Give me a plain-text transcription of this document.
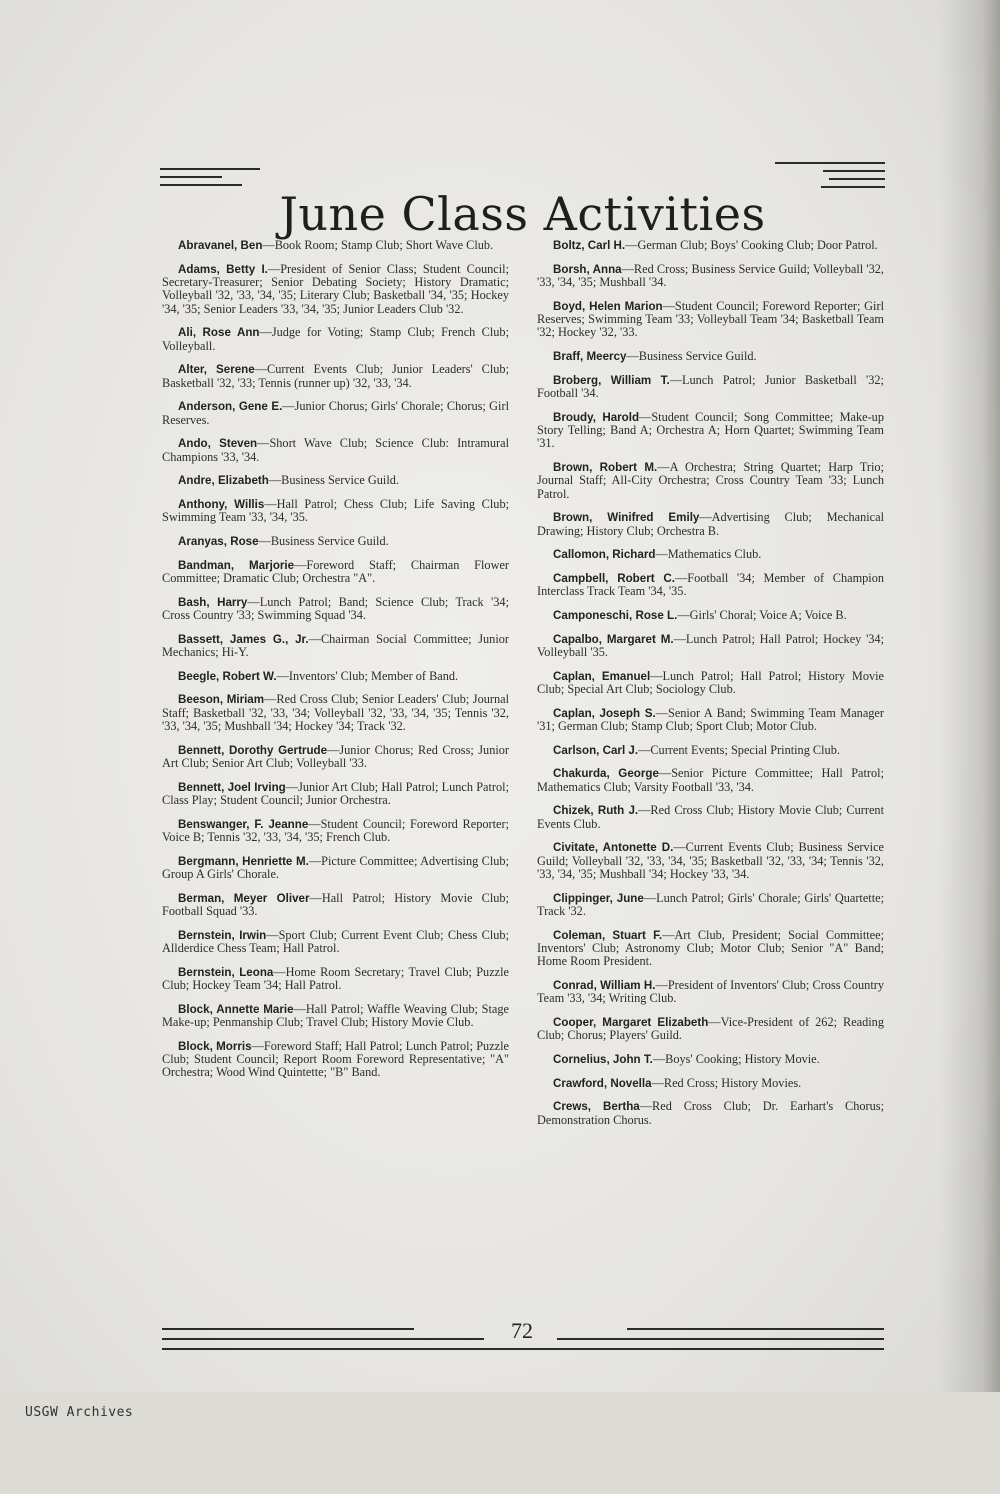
June Class Activities

Abravanel, Ben—Book Room; Stamp Club; Short Wave Club.

Adams, Betty I.—President of Senior Class; Student Council; Secretary-Treasurer; Senior Debating Society; History Dramatic; Volleyball '32, '33, '34, '35; Literary Club; Basketball '34, '35; Hockey '34, '35; Senior Leaders '33, '34, '35; Junior Leaders Club '32.

Ali, Rose Ann—Judge for Voting; Stamp Club; French Club; Volleyball.

Alter, Serene—Current Events Club; Junior Leaders' Club; Basketball '32, '33; Tennis (runner up) '32, '33, '34.

Anderson, Gene E.—Junior Chorus; Girls' Chorale; Chorus; Girl Reserves.

Ando, Steven—Short Wave Club; Science Club: Intramural Champions '33, '34.

Andre, Elizabeth—Business Service Guild.

Anthony, Willis—Hall Patrol; Chess Club; Life Saving Club; Swimming Team '33, '34, '35.

Aranyas, Rose—Business Service Guild.

Bandman, Marjorie—Foreword Staff; Chairman Flower Committee; Dramatic Club; Orchestra "A".

Bash, Harry—Lunch Patrol; Band; Science Club; Track '34; Cross Country '33; Swimming Squad '34.

Bassett, James G., Jr.—Chairman Social Committee; Junior Mechanics; Hi-Y.

Beegle, Robert W.—Inventors' Club; Member of Band.

Beeson, Miriam—Red Cross Club; Senior Leaders' Club; Journal Staff; Basketball '32, '33, '34; Volleyball '32, '33, '34, '35; Tennis '32, '33, '34, '35; Mushball '34; Hockey '34; Track '32.

Bennett, Dorothy Gertrude—Junior Chorus; Red Cross; Junior Art Club; Senior Art Club; Volleyball '33.

Bennett, Joel Irving—Junior Art Club; Hall Patrol; Lunch Patrol; Class Play; Student Council; Junior Orchestra.

Benswanger, F. Jeanne—Student Council; Foreword Reporter; Voice B; Tennis '32, '33, '34, '35; French Club.

Bergmann, Henriette M.—Picture Committee; Advertising Club; Group A Girls' Chorale.

Berman, Meyer Oliver—Hall Patrol; History Movie Club; Football Squad '33.

Bernstein, Irwin—Sport Club; Current Event Club; Chess Club; Allderdice Chess Team; Hall Patrol.

Bernstein, Leona—Home Room Secretary; Travel Club; Puzzle Club; Hockey Team '34; Hall Patrol.

Block, Annette Marie—Hall Patrol; Waffle Weaving Club; Stage Make-up; Penmanship Club; Travel Club; History Movie Club.

Block, Morris—Foreword Staff; Hall Patrol; Lunch Patrol; Puzzle Club; Student Council; Report Room Foreword Representative; "A" Orchestra; Wood Wind Quintette; "B" Band.

Boltz, Carl H.—German Club; Boys' Cooking Club; Door Patrol.

Borsh, Anna—Red Cross; Business Service Guild; Volleyball '32, '33, '34, '35; Mushball '34.

Boyd, Helen Marion—Student Council; Foreword Reporter; Girl Reserves; Swimming Team '33; Volleyball Team '34; Basketball Team '32; Hockey '32, '33.

Braff, Meercy—Business Service Guild.

Broberg, William T.—Lunch Patrol; Junior Basketball '32; Football '34.

Broudy, Harold—Student Council; Song Committee; Make-up Story Telling; Band A; Orchestra A; Horn Quartet; Swimming Team '31.

Brown, Robert M.—A Orchestra; String Quartet; Harp Trio; Journal Staff; All-City Orchestra; Cross Country Team '33; Lunch Patrol.

Brown, Winifred Emily—Advertising Club; Mechanical Drawing; History Club; Orchestra B.

Callomon, Richard—Mathematics Club.

Campbell, Robert C.—Football '34; Member of Champion Interclass Track Team '34, '35.

Camponeschi, Rose L.—Girls' Choral; Voice A; Voice B.

Capalbo, Margaret M.—Lunch Patrol; Hall Patrol; Hockey '34; Volleyball '35.

Caplan, Emanuel—Lunch Patrol; Hall Patrol; History Movie Club; Special Art Club; Sociology Club.

Caplan, Joseph S.—Senior A Band; Swimming Team Manager '31; German Club; Stamp Club; Sport Club; Motor Club.

Carlson, Carl J.—Current Events; Special Printing Club.

Chakurda, George—Senior Picture Committee; Hall Patrol; Mathematics Club; Varsity Football '33, '34.

Chizek, Ruth J.—Red Cross Club; History Movie Club; Current Events Club.

Civitate, Antonette D.—Current Events Club; Business Service Guild; Volleyball '32, '33, '34, '35; Basketball '32, '33, '34; Tennis '32, '33, '34, '35; Mushball '34; Hockey '33, '34.

Clippinger, June—Lunch Patrol; Girls' Chorale; Girls' Quartette; Track '32.

Coleman, Stuart F.—Art Club, President; Social Committee; Inventors' Club; Astronomy Club; Motor Club; Senior "A" Band; Home Room President.

Conrad, William H.—President of Inventors' Club; Cross Country Team '33, '34; Writing Club.

Cooper, Margaret Elizabeth—Vice-President of 262; Reading Club; Chorus; Players' Guild.

Cornelius, John T.—Boys' Cooking; History Movie.

Crawford, Novella—Red Cross; History Movies.

Crews, Bertha—Red Cross Club; Dr. Earhart's Chorus; Demonstration Chorus.

72
USGW Archives
